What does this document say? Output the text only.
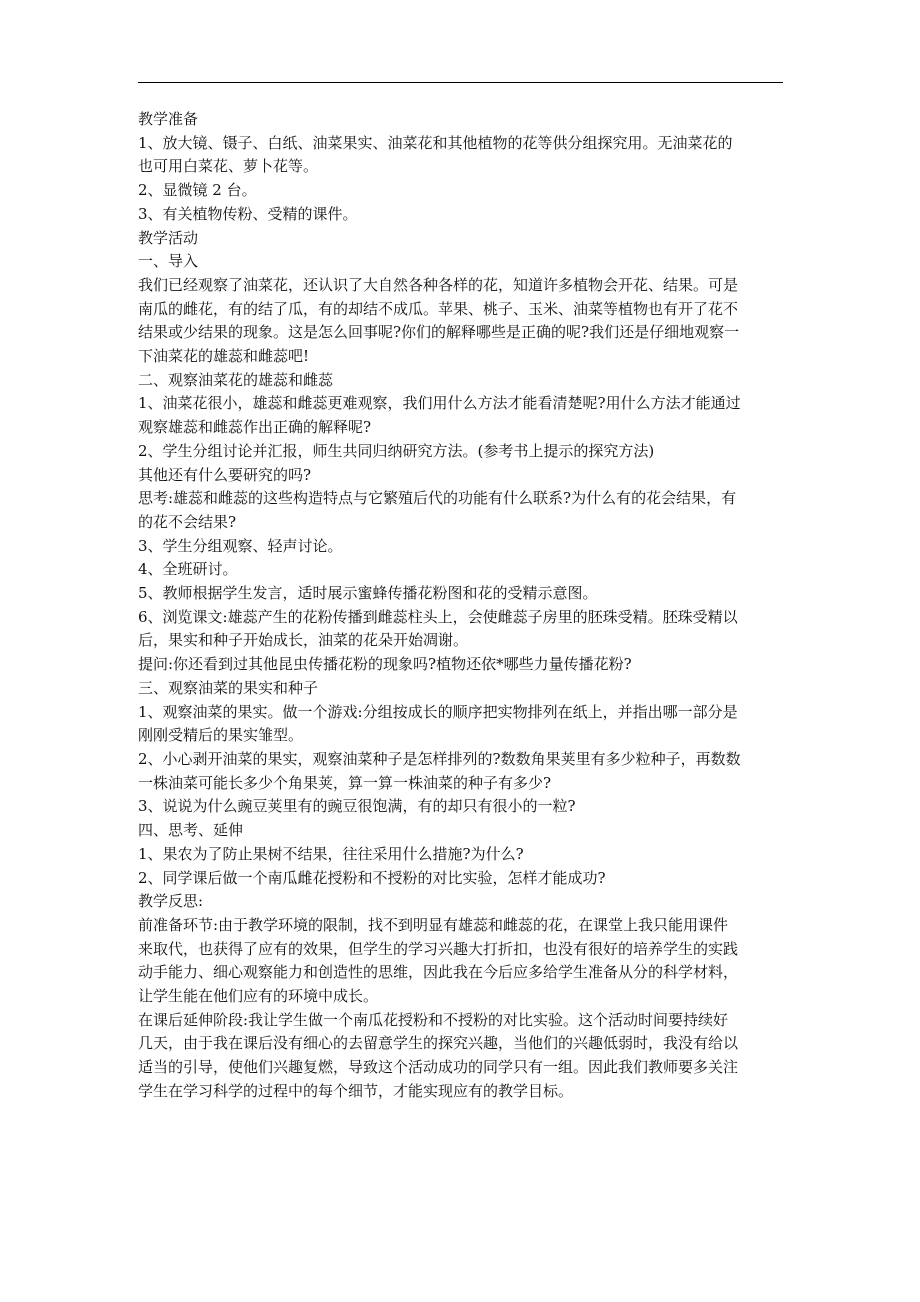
教学准备

1、放大镜、镊子、白纸、油菜果实、油菜花和其他植物的花等供分组探究用。无油菜花的

也可用白菜花、萝卜花等。

2、显微镜 2 台。

3、有关植物传粉、受精的课件。

教学活动

一、导入

我们已经观察了油菜花，还认识了大自然各种各样的花，知道许多植物会开花、结果。可是

南瓜的雌花，有的结了瓜，有的却结不成瓜。苹果、桃子、玉米、油菜等植物也有开了花不

结果或少结果的现象。这是怎么回事呢?你们的解释哪些是正确的呢?我们还是仔细地观察一

下油菜花的雄蕊和雌蕊吧!

二、观察油菜花的雄蕊和雌蕊

1、油菜花很小，雄蕊和雌蕊更难观察，我们用什么方法才能看清楚呢?用什么方法才能通过

观察雄蕊和雌蕊作出正确的解释呢?

2、学生分组讨论并汇报，师生共同归纳研究方法。(参考书上提示的探究方法)

其他还有什么要研究的吗?

思考:雄蕊和雌蕊的这些构造特点与它繁殖后代的功能有什么联系?为什么有的花会结果，有

的花不会结果?

3、学生分组观察、轻声讨论。

4、全班研讨。

5、教师根据学生发言，适时展示蜜蜂传播花粉图和花的受精示意图。

6、浏览课文:雄蕊产生的花粉传播到雌蕊柱头上，会使雌蕊子房里的胚珠受精。胚珠受精以

后，果实和种子开始成长，油菜的花朵开始凋谢。

提问:你还看到过其他昆虫传播花粉的现象吗?植物还依*哪些力量传播花粉?

三、观察油菜的果实和种子

1、观察油菜的果实。做一个游戏:分组按成长的顺序把实物排列在纸上，并指出哪一部分是

刚刚受精后的果实雏型。

2、小心剥开油菜的果实，观察油菜种子是怎样排列的?数数角果荚里有多少粒种子，再数数

一株油菜可能长多少个角果荚，算一算一株油菜的种子有多少?

3、说说为什么豌豆荚里有的豌豆很饱满，有的却只有很小的一粒?

四、思考、延伸

1、果农为了防止果树不结果，往往采用什么措施?为什么?

2、同学课后做一个南瓜雌花授粉和不授粉的对比实验，怎样才能成功?

教学反思:

前准备环节:由于教学环境的限制，找不到明显有雄蕊和雌蕊的花，在课堂上我只能用课件

来取代，也获得了应有的效果，但学生的学习兴趣大打折扣，也没有很好的培养学生的实践

动手能力、细心观察能力和创造性的思维，因此我在今后应多给学生准备从分的科学材料，

让学生能在他们应有的环境中成长。

在课后延伸阶段:我让学生做一个南瓜花授粉和不授粉的对比实验。这个活动时间要持续好

几天，由于我在课后没有细心的去留意学生的探究兴趣，当他们的兴趣低弱时，我没有给以

适当的引导，使他们兴趣复燃，导致这个活动成功的同学只有一组。因此我们教师要多关注

学生在学习科学的过程中的每个细节，才能实现应有的教学目标。
